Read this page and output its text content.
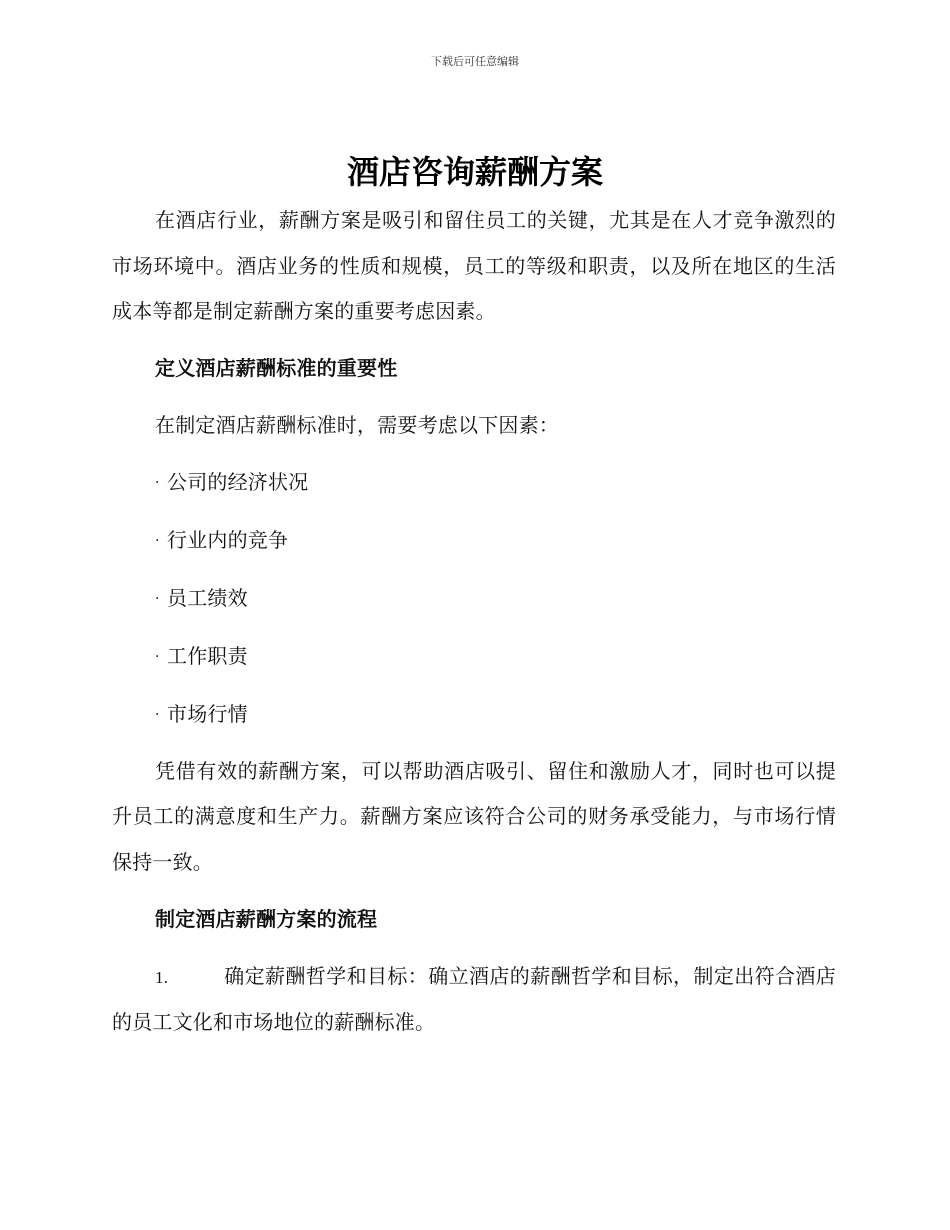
下载后可任意编辑
酒店咨询薪酬方案

在酒店行业，薪酬方案是吸引和留住员工的关键，尤其是在人才竞争激烈的市场环境中。酒店业务的性质和规模，员工的等级和职责，以及所在地区的生活成本等都是制定薪酬方案的重要考虑因素。

定义酒店薪酬标准的重要性

在制定酒店薪酬标准时，需要考虑以下因素：

· 公司的经济状况

· 行业内的竞争

· 员工绩效

· 工作职责

· 市场行情

凭借有效的薪酬方案，可以帮助酒店吸引、留住和激励人才，同时也可以提升员工的满意度和生产力。薪酬方案应该符合公司的财务承受能力，与市场行情保持一致。

制定酒店薪酬方案的流程

1.	确定薪酬哲学和目标：确立酒店的薪酬哲学和目标，制定出符合酒店的员工文化和市场地位的薪酬标准。
